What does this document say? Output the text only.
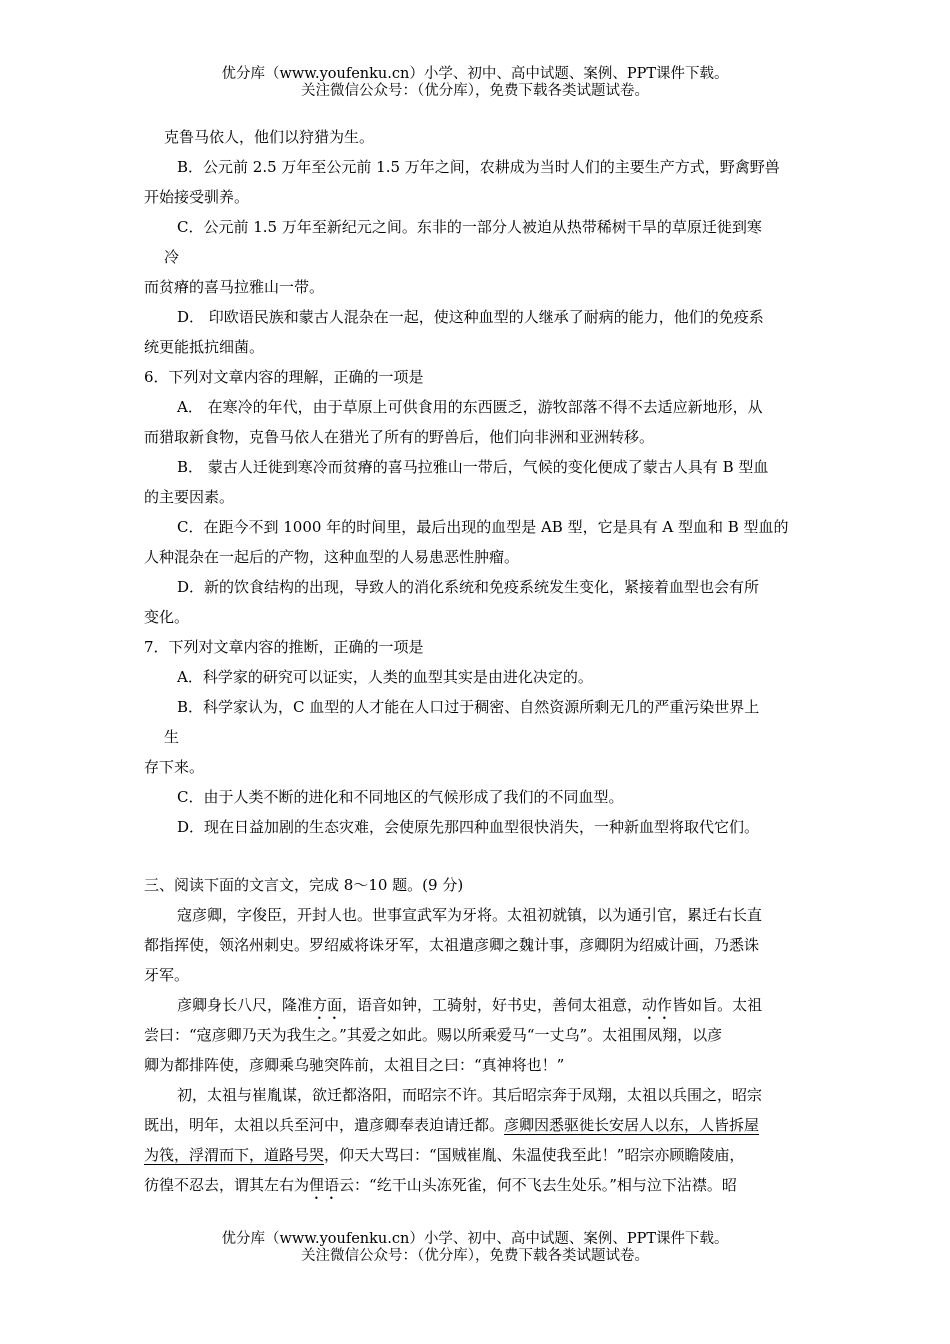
优分库（www.youfenku.cn）小学、初中、高中试题、案例、PPT课件下载。
关注微信公众号：（优分库），免费下载各类试题试卷。
克鲁马依人，他们以狩猎为生。
B．公元前 2.5 万年至公元前 1.5 万年之间，农耕成为当时人们的主要生产方式，野禽野兽
开始接受驯养。
C．公元前 1.5 万年至新纪元之间。东非的一部分人被迫从热带稀树干旱的草原迁徙到寒
冷
而贫瘠的喜马拉雅山一带。
D． 印欧语民族和蒙古人混杂在一起，使这种血型的人继承了耐病的能力，他们的免疫系
统更能抵抗细菌。
6．下列对文章内容的理解，正确的一项是
A． 在寒冷的年代，由于草原上可供食用的东西匮乏，游牧部落不得不去适应新地形，从
而猎取新食物，克鲁马依人在猎光了所有的野兽后，他们向非洲和亚洲转移。
B． 蒙古人迁徙到寒冷而贫瘠的喜马拉雅山一带后，气候的变化便成了蒙古人具有 B 型血
的主要因素。
C．在距今不到 1000 年的时间里，最后出现的血型是 AB 型，它是具有 A 型血和 B 型血的
人种混杂在一起后的产物，这种血型的人易患恶性肿瘤。
D．新的饮食结构的出现，导致人的消化系统和免疫系统发生变化，紧接着血型也会有所
变化。
7．下列对文章内容的推断，正确的一项是
A．科学家的研究可以证实，人类的血型其实是由进化决定的。
B．科学家认为，C 血型的人才能在人口过于稠密、自然资源所剩无几的严重污染世界上
生
存下来。
C．由于人类不断的进化和不同地区的气候形成了我们的不同血型。
D．现在日益加剧的生态灾难，会使原先那四种血型很快消失，一种新血型将取代它们。
三、阅读下面的文言文，完成 8～10 题。(9 分)
寇彦卿，字俊臣，开封人也。世事宣武军为牙将。太祖初就镇，以为通引官，累迁右长直
都指挥使，领洺州刺史。罗绍威将诛牙军，太祖遣彦卿之魏计事，彦卿阴为绍威计画，乃悉诛
牙军。
彦卿身长八尺，隆准方面，语音如钟，工骑射，好书史，善伺太祖意，动作皆如旨。太祖
尝曰：“寇彦卿乃天为我生之。”其爱之如此。赐以所乘爱马“一丈乌”。太祖围凤翔，以彦
卿为都排阵使，彦卿乘乌驰突阵前，太祖目之曰：“真神将也！”
初，太祖与崔胤谋，欲迁都洛阳，而昭宗不许。其后昭宗奔于凤翔，太祖以兵围之，昭宗
既出，明年，太祖以兵至河中，遣彦卿奉表迫请迁都。彦卿因悉驱徙长安居人以东，人皆拆屋
为筏，浮渭而下，道路号哭，仰天大骂曰：“国贼崔胤、朱温使我至此！”昭宗亦顾瞻陵庙，
彷徨不忍去，谓其左右为俚语云：“纥干山头冻死雀，何不飞去生处乐。”相与泣下沾襟。昭
优分库（www.youfenku.cn）小学、初中、高中试题、案例、PPT课件下载。
关注微信公众号：（优分库），免费下载各类试题试卷。
